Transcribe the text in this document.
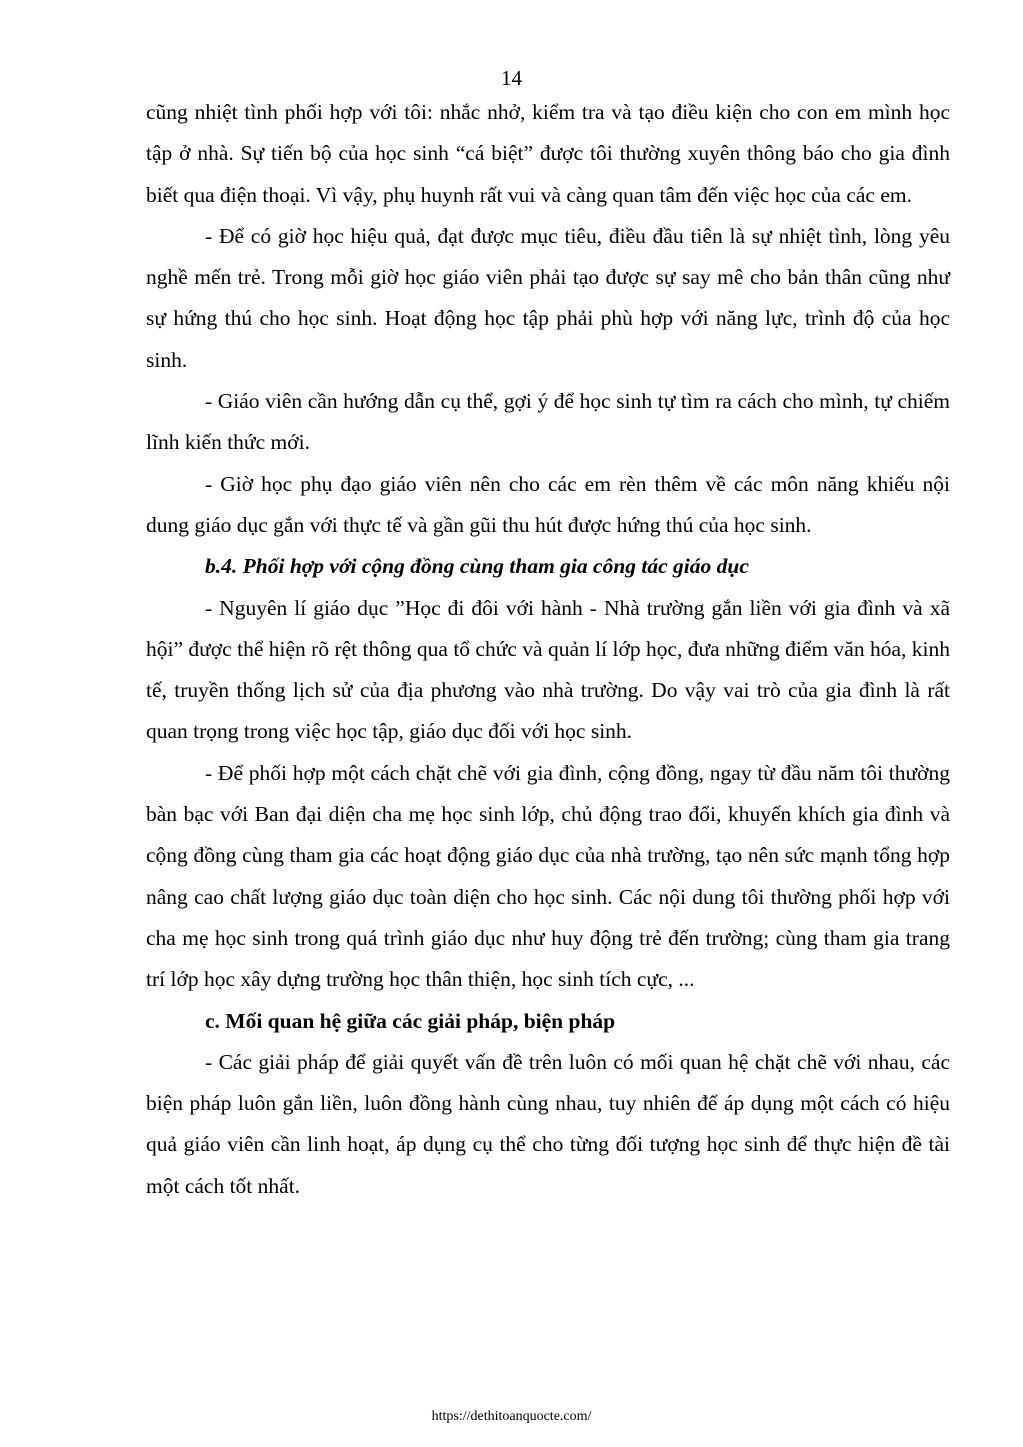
14

cũng nhiệt tình phối hợp với tôi: nhắc nhở, kiểm tra và tạo điều kiện cho con em mình học tập ở nhà. Sự tiến bộ của học sinh “cá biệt” được tôi thường xuyên thông báo cho gia đình biết qua điện thoại. Vì vậy, phụ huynh rất vui và càng quan tâm đến việc học của các em.

- Để có giờ học hiệu quả, đạt được mục tiêu, điều đầu tiên là sự nhiệt tình, lòng yêu nghề mến trẻ. Trong mỗi giờ học giáo viên phải tạo được sự say mê cho bản thân cũng như sự hứng thú cho học sinh. Hoạt động học tập phải phù hợp với năng lực, trình độ của học sinh.

- Giáo viên cần hướng dẫn cụ thể, gợi ý để học sinh tự tìm ra cách cho mình, tự chiếm lĩnh kiến thức mới.

- Giờ học phụ đạo giáo viên nên cho các em rèn thêm về các môn năng khiếu nội dung giáo dục gắn với thực tế và gần gũi thu hút được hứng thú của học sinh.

b.4. Phối hợp với cộng đồng cùng tham gia công tác giáo dục

- Nguyên lí giáo dục ”Học đi đôi với hành - Nhà trường gắn liền với gia đình và xã hội” được thể hiện rõ rệt thông qua tổ chức và quản lí lớp học, đưa những điểm văn hóa, kinh tế, truyền thống lịch sử của địa phương vào nhà trường. Do vậy vai trò của gia đình là rất quan trọng trong việc học tập, giáo dục đối với học sinh.

- Để phối hợp một cách chặt chẽ với gia đình, cộng đồng, ngay từ đầu năm tôi thường bàn bạc với Ban đại diện cha mẹ học sinh lớp, chủ động trao đổi, khuyến khích gia đình và cộng đồng cùng tham gia các hoạt động giáo dục của nhà trường, tạo nên sức mạnh tổng hợp nâng cao chất lượng giáo dục toàn diện cho học sinh. Các nội dung tôi thường phối hợp với cha mẹ học sinh trong quá trình giáo dục như huy động trẻ đến trường; cùng tham gia trang trí lớp học xây dựng trường học thân thiện, học sinh tích cực, ...

c. Mối quan hệ giữa các giải pháp, biện pháp

- Các giải pháp để giải quyết vấn đề trên luôn có mối quan hệ chặt chẽ với nhau, các biện pháp luôn gắn liền, luôn đồng hành cùng nhau, tuy nhiên để áp dụng một cách có hiệu quả giáo viên cần linh hoạt, áp dụng cụ thể cho từng đối tượng học sinh để thực hiện đề tài một cách tốt nhất.

https://dethitoanquocte.com/
